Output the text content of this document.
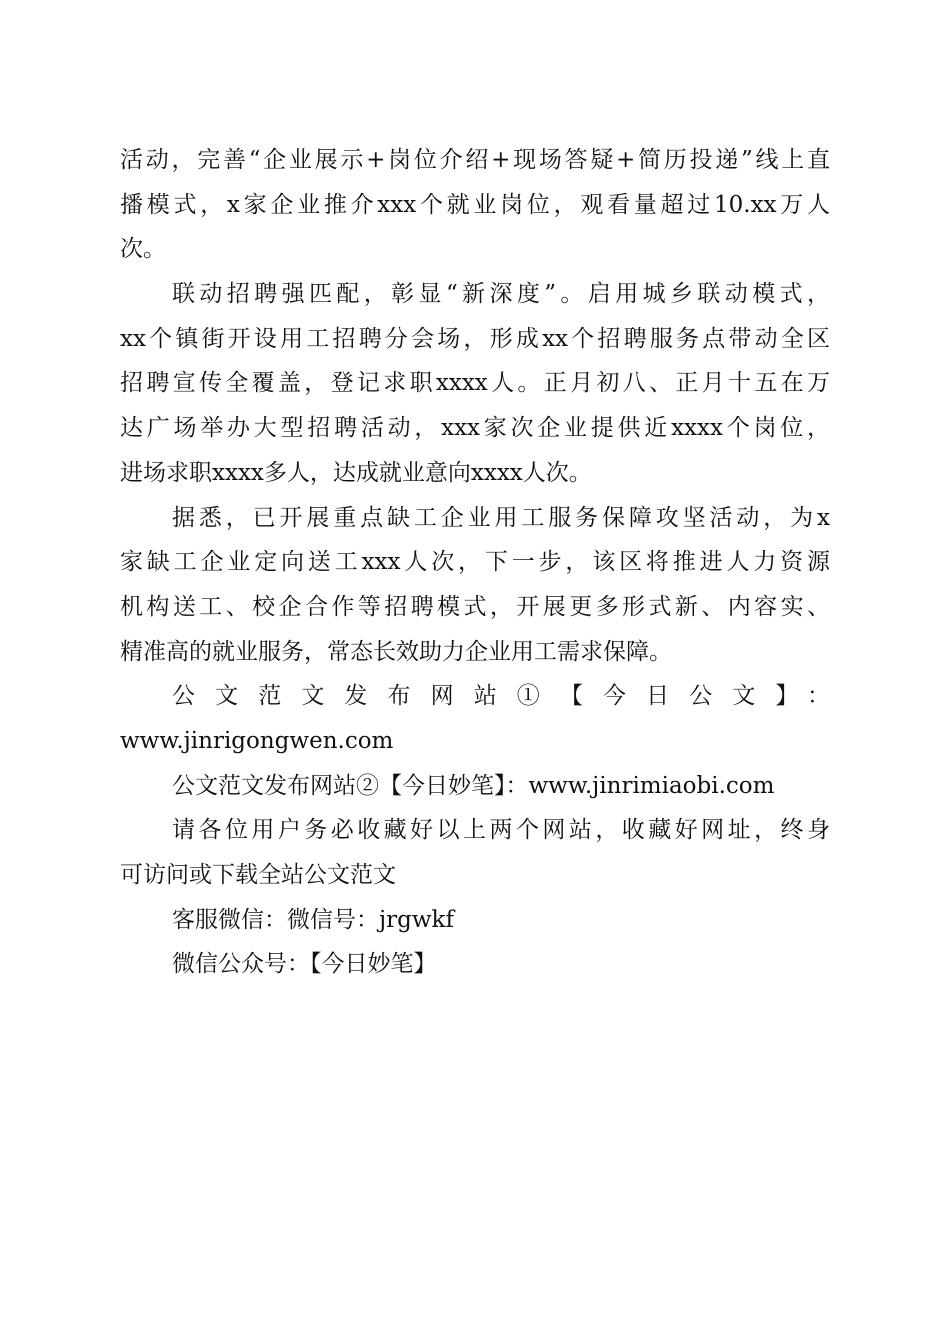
活动，完善“企业展示+岗位介绍+现场答疑+简历投递”线上直
播模式，x家企业推介xxx个就业岗位，观看量超过10.xx万人
次。
联动招聘强匹配，彰显“新深度”。启用城乡联动模式，
xx个镇街开设用工招聘分会场，形成xx个招聘服务点带动全区
招聘宣传全覆盖，登记求职xxxx人。正月初八、正月十五在万
达广场举办大型招聘活动，xxx家次企业提供近xxxx个岗位，
进场求职xxxx多人，达成就业意向xxxx人次。
据悉，已开展重点缺工企业用工服务保障攻坚活动，为x
家缺工企业定向送工xxx人次，下一步，该区将推进人力资源
机构送工、校企合作等招聘模式，开展更多形式新、内容实、
精准高的就业服务，常态长效助力企业用工需求保障。
公文范文发布网站①【今日公文】：
www.jinrigongwen.com
公文范文发布网站②【今日妙笔】：www.jinrimiaobi.com
请各位用户务必收藏好以上两个网站，收藏好网址，终身
可访问或下载全站公文范文
客服微信：微信号：jrgwkf
微信公众号：【今日妙笔】
